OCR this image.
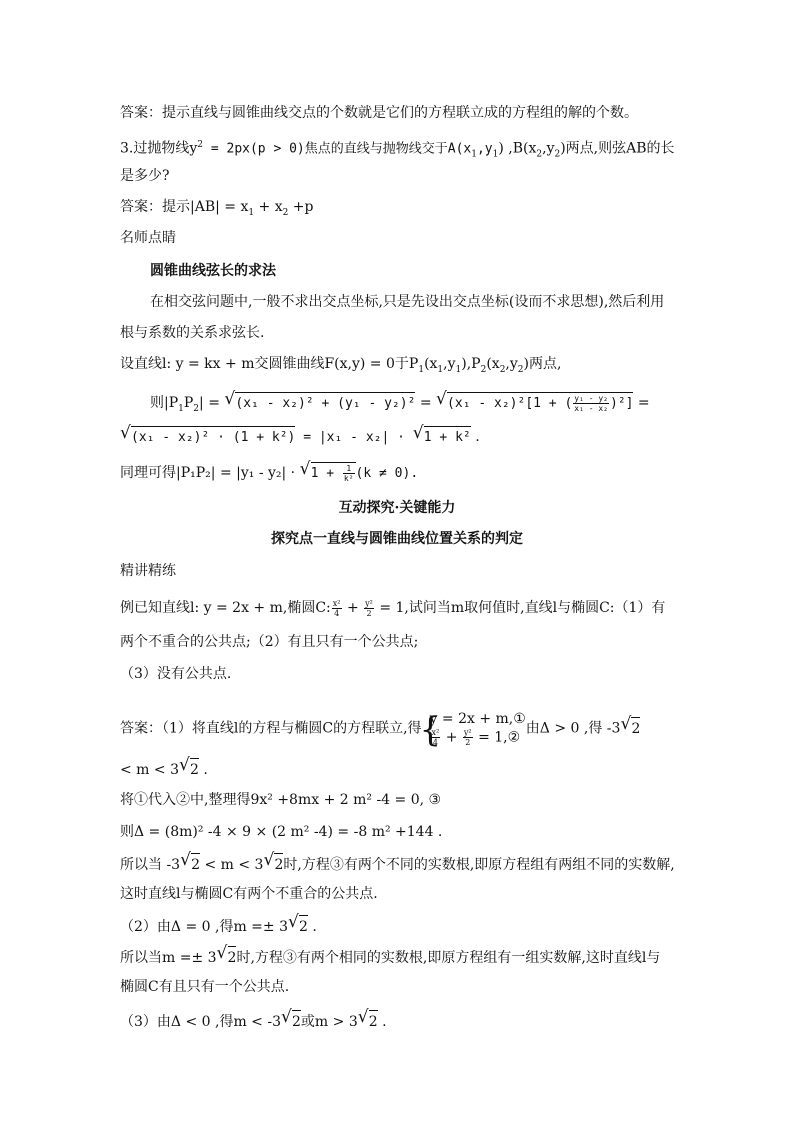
答案：提示直线与圆锥曲线交点的个数就是它们的方程联立成的方程组的解的个数。
3.过抛物线$y^2 = 2px(p > 0)$焦点的直线与抛物线交于$A(x_1,y_1)$ $,B(x_2,y_2)$两点,则弦AB的长
是多少?
答案：提示$|AB| = x_1 + x_2 +p$
名师点睛
圆锥曲线弦长的求法
在相交弦问题中,一般不求出交点坐标,只是先设出交点坐标(设而不求思想),然后利用
根与系数的关系求弦长.
设直线l: y = kx + m交圆锥曲线F(x,y) = 0于$P_1(x_1,y_1),P_2(x_2,y_2)$两点,
则$|P_1P_2|$ = √ (x₁ - x₂)² + (y₁ - y₂)² = √ (x₁ - x₂)²[1 + ( $\frac{\text{y₁ - y₂}}{\text{x₁ - x₂}} )^2$] =
√ (x₁ - x₂)² · (1 + k²) = |x₁ - x₂| · √ 1 + k² .
同理可得|P₁P₂| = |y₁ - y₂| · √ $1 + \frac{1}{\text{k²}} (k \ne 0)$.
互动探究·关键能力
探究点一直线与圆锥曲线位置关系的判定
精讲精练
例已知直线l: y = 2x + m,椭圆C: $\frac{\text{x²}}{4} + \frac{\text{y²}}{2} = 1$,试问当m取何值时,直线l与椭圆C:（1）有
两个不重合的公共点;（2）有且只有一个公共点;
（3）没有公共点.
答案：（1）将直线l的方程与椭圆C的方程联立,得
{ y = 2x + m,①
$\frac{\text{x²}}{4} + \frac{\text{y²}}{2}$ = 1,②
由Δ > 0 ,得 -3 √ 2
< m < 3 √ 2 .
将①代入②中,整理得9x² +8mx + 2 m² -4 = 0, ③
则Δ = (8m)² -4 × 9 × (2 m² -4) = -8 m² +144 .
所以当 -3 √ 2 < m < 3 √ 2时,方程③有两个不同的实数根,即原方程组有两组不同的实数解,
这时直线l与椭圆C有两个不重合的公共点.
（2）由Δ = 0 ,得m =± 3 √ 2 .
所以当m =± 3 √ 2时,方程③有两个相同的实数根,即原方程组有一组实数解,这时直线l与
椭圆C有且只有一个公共点.
（3）由Δ < 0 ,得m < -3 √ 2或m > 3 √ 2 .
